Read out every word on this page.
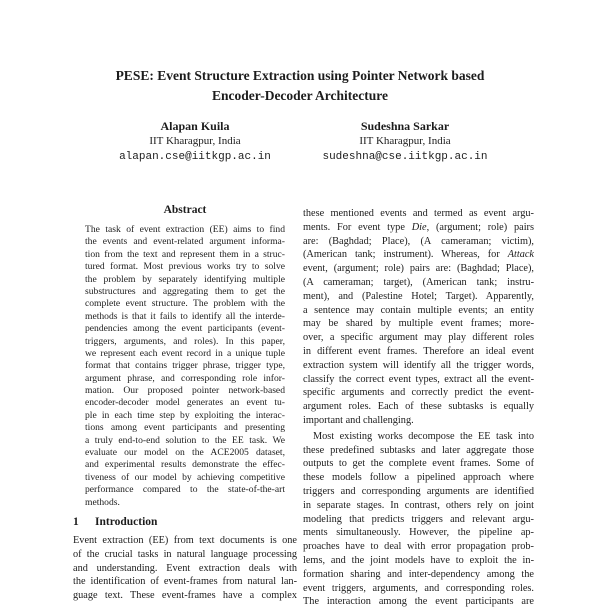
PESE: Event Structure Extraction using Pointer Network based
Encoder-Decoder Architecture
Alapan Kuila
IIT Kharagpur, India
alapan.cse@iitkgp.ac.in
Sudeshna Sarkar
IIT Kharagpur, India
sudeshna@cse.iitkgp.ac.in
Abstract
The task of event extraction (EE) aims to find
the events and event-related argument informa-
tion from the text and represent them in a struc-
tured format. Most previous works try to solve
the problem by separately identifying multiple
substructures and aggregating them to get the
complete event structure. The problem with the
methods is that it fails to identify all the interde-
pendencies among the event participants (event-
triggers, arguments, and roles). In this paper,
we represent each event record in a unique tuple
format that contains trigger phrase, trigger type,
argument phrase, and corresponding role infor-
mation. Our proposed pointer network-based
encoder-decoder model generates an event tu-
ple in each time step by exploiting the interac-
tions among event participants and presenting
a truly end-to-end solution to the EE task. We
evaluate our model on the ACE2005 dataset,
and experimental results demonstrate the effec-
tiveness of our model by achieving competitive
performance compared to the state-of-the-art
methods.
1 Introduction
Event extraction (EE) from text documents is one
of the crucial tasks in natural language processing
and understanding. Event extraction deals with
the identification of event-frames from natural lan-
guage text. These event-frames have a complex
these mentioned events and termed as event argu-
ments. For event type Die, (argument; role) pairs
are: (Baghdad; Place), (A cameraman; victim),
(American tank; instrument). Whereas, for Attack
event, (argument; role) pairs are: (Baghdad; Place),
(A cameraman; target), (American tank; instru-
ment), and (Palestine Hotel; Target). Apparently,
a sentence may contain multiple events; an entity
may be shared by multiple event frames; more-
over, a specific argument may play different roles
in different event frames. Therefore an ideal event
extraction system will identify all the trigger words,
classify the correct event types, extract all the event-
specific arguments and correctly predict the event-
argument roles. Each of these subtasks is equally
important and challenging.
Most existing works decompose the EE task into
these predefined subtasks and later aggregate those
outputs to get the complete event frames. Some of
these models follow a pipelined approach where
triggers and corresponding arguments are identified
in separate stages. In contrast, others rely on joint
modeling that predicts triggers and relevant argu-
ments simultaneously. However, the pipeline ap-
proaches have to deal with error propagation prob-
lems, and the joint models have to exploit the in-
formation sharing and inter-dependency among the
event triggers, arguments, and corresponding roles.
The interaction among the event participants are
